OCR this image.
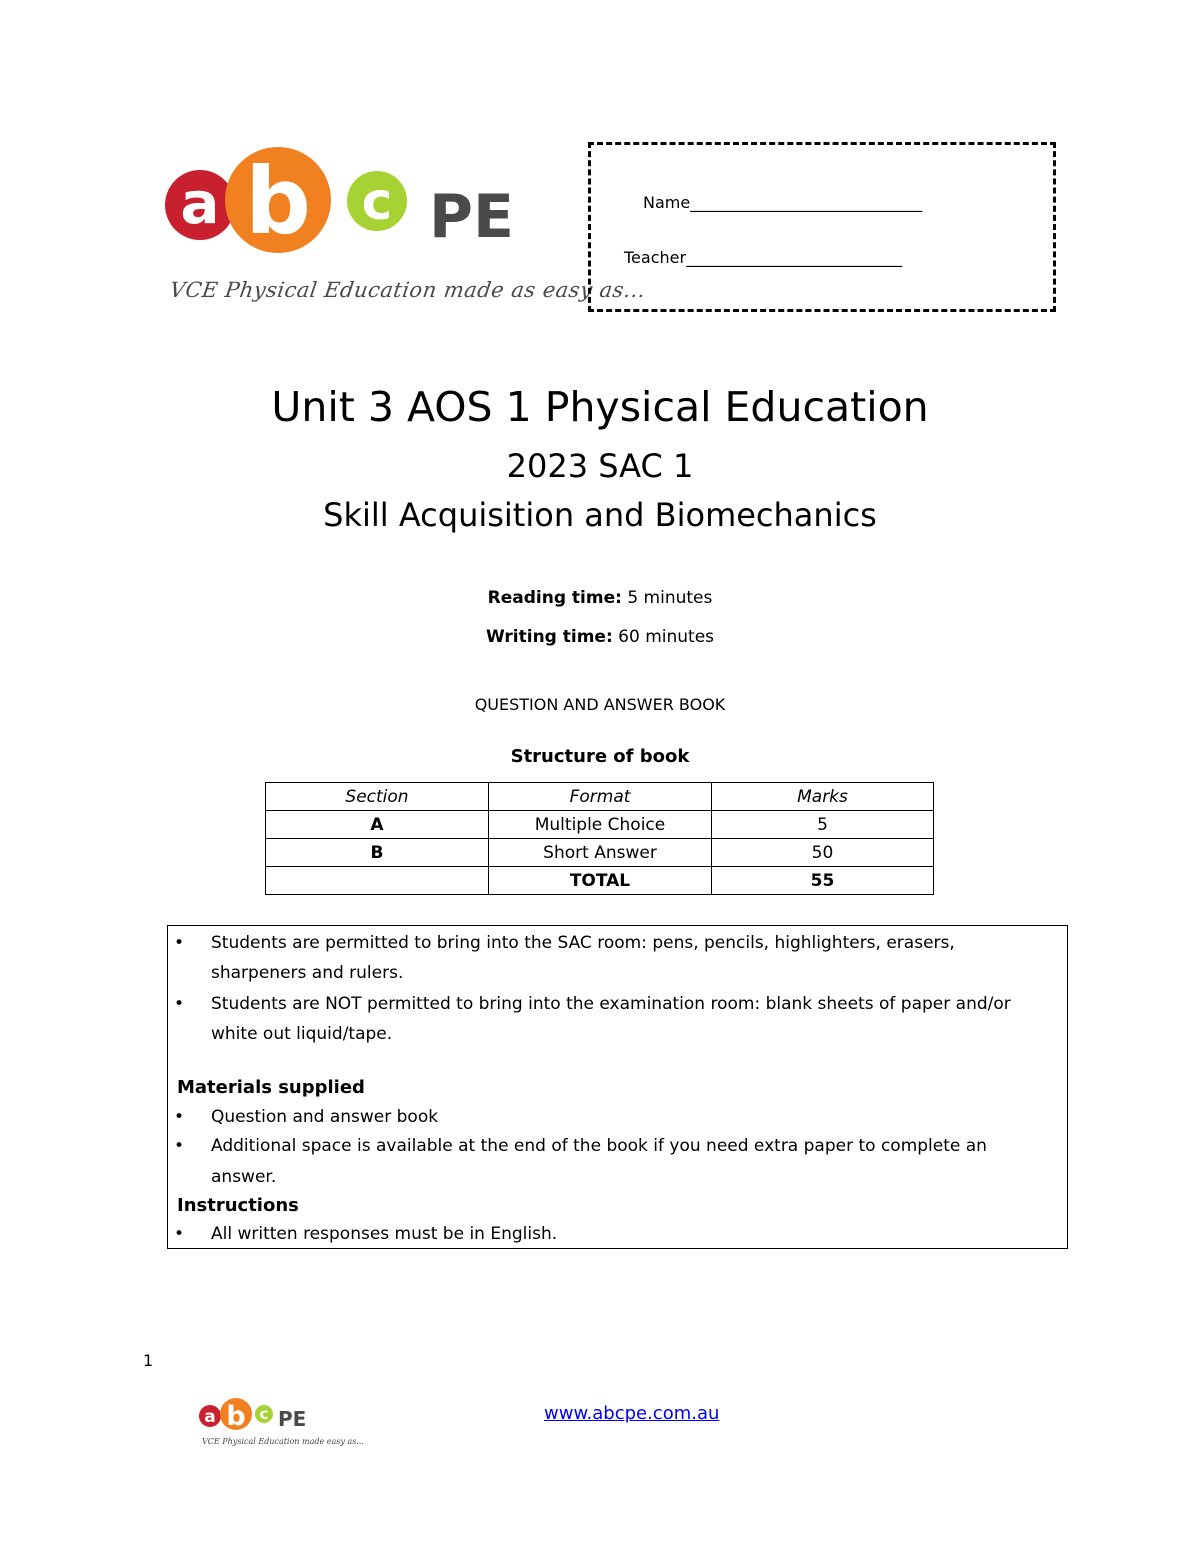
a b c PE
VCE Physical Education made as easy as...
Name_____________________________
Teacher___________________________
Unit 3 AOS 1 Physical Education
2023 SAC 1
Skill Acquisition and Biomechanics
Reading time: 5 minutes
Writing time: 60 minutes
QUESTION AND ANSWER BOOK
Structure of book
Section	Format	Marks
A	Multiple Choice	5
B	Short Answer	50
	TOTAL	55
• Students are permitted to bring into the SAC room: pens, pencils, highlighters, erasers,
sharpeners and rulers.
• Students are NOT permitted to bring into the examination room: blank sheets of paper and/or
white out liquid/tape.
Materials supplied
• Question and answer book
• Additional space is available at the end of the book if you need extra paper to complete an
answer.
Instructions
• All written responses must be in English.
1
a b c PE
VCE Physical Education made easy as...
www.abcpe.com.au
